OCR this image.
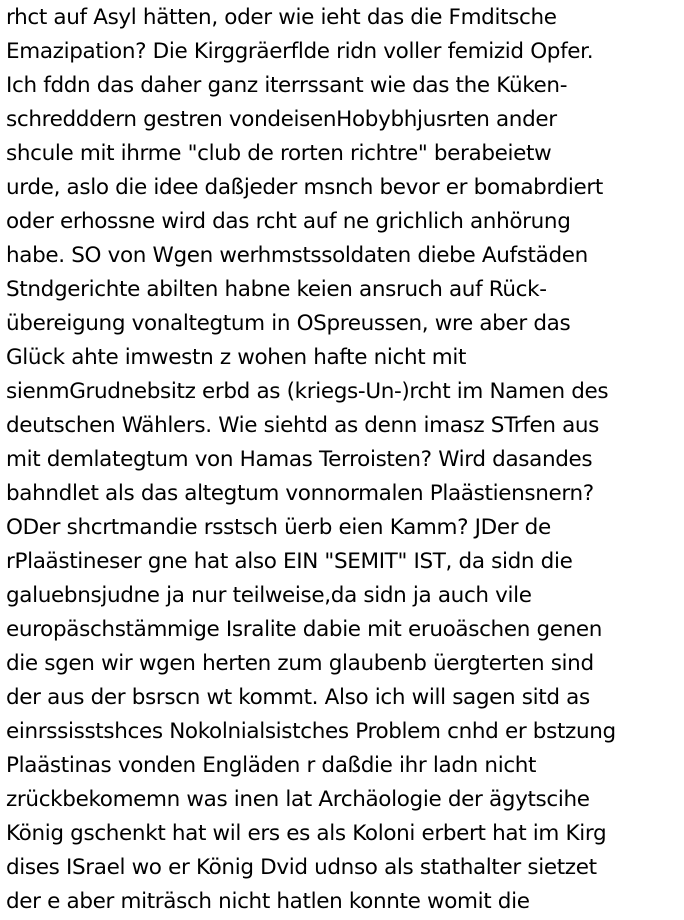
rhct auf Asyl hätten, oder wie ieht das die Fmditsche
Emazipation? Die Kirggräerflde ridn voller femizid Opfer.
Ich fddn das daher ganz iterrssant wie das the Küken-
schredddern gestren vondeisenHobybhjusrten ander
shcule mit ihrme "club de rorten richtre" berabeietw
urde, aslo die idee daßjeder msnch bevor er bomabrdiert
oder erhossne wird das rcht auf ne grichlich anhörung
habe. SO von Wgen werhmstssoldaten diebe Aufstäden
Stndgerichte abilten habne keien ansruch auf Rück-
übereigung vonaltegtum in OSpreussen, wre aber das
Glück ahte imwestn z wohen hafte nicht mit
sienmGrudnebsitz erbd as (kriegs-Un-)rcht im Namen des
deutschen Wählers. Wie siehtd as denn imasz STrfen aus
mit demlategtum von Hamas Terroisten? Wird dasandes
bahndlet als das altegtum vonnormalen Plaästiensnern?
ODer shcrtmandie rsstsch üerb eien Kamm? JDer de
rPlaästineser gne hat also EIN "SEMIT" IST, da sidn die
galuebnsjudne ja nur teilweise,da sidn ja auch vile
europäschstämmige Isralite dabie mit eruoäschen genen
die sgen wir wgen herten zum glaubenb üergterten sind
der aus der bsrscn wt kommt. Also ich will sagen sitd as
einrssisstshces Nokolnialsistches Problem cnhd er bstzung
Plaästinas vonden Engläden r daßdie ihr ladn nicht
zrückbekomemn was inen lat Archäologie der ägytscihe
König gschenkt hat wil ers es als Koloni erbert hat im Kirg
dises ISrael wo er König Dvid udnso als stathalter sietzet
der e aber miträsch nicht hatlen konnte womit die
